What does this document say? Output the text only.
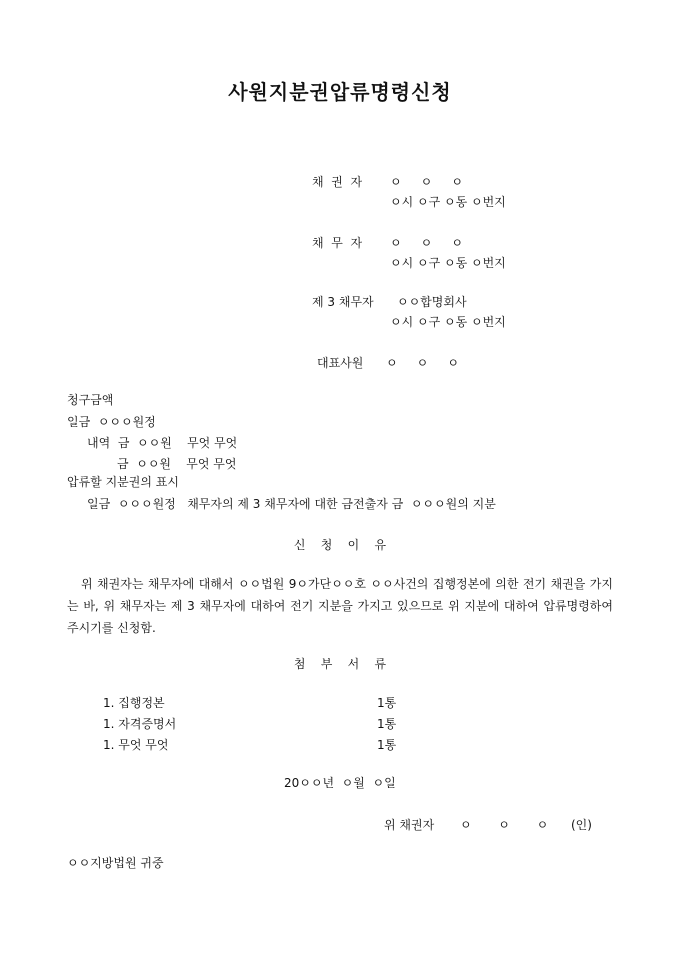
사원지분권압류명령신청
채  권  자 ㅇ     ㅇ     ㅇ
ㅇ시 ㅇ구 ㅇ동 ㅇ번지
채  무  자 ㅇ     ㅇ     ㅇ
ㅇ시 ㅇ구 ㅇ동 ㅇ번지
제 3 채무자 ㅇㅇ합명회사
ㅇ시 ㅇ구 ㅇ동 ㅇ번지
대표사원 ㅇ     ㅇ     ㅇ
청구금액
일금  ㅇㅇㅇ원정
내역  금  ㅇㅇ원    무엇 무엇
금  ㅇㅇ원    무엇 무엇
압류할 지분권의 표시
일금  ㅇㅇㅇ원정   채무자의 제 3 채무자에 대한 금전출자 금  ㅇㅇㅇ원의 지분
신    청    이    유
위 채권자는 채무자에 대해서 ㅇㅇ법원 9ㅇ가단ㅇㅇ호 ㅇㅇ사건의 집행정본에 의한 전기 채권을 가지는 바, 위 채무자는 제 3 채무자에 대하여 전기 지분을 가지고 있으므로 위 지분에 대하여 압류명령하여 주시기를 신청함.
첨    부    서    류
1. 집행정본	1통
1. 자격증명서	1통
1. 무엇 무엇	1통
20ㅇㅇ년  ㅇ월  ㅇ일
위 채권자 ㅇ       ㅇ       ㅇ (인)
ㅇㅇ지방법원 귀중
